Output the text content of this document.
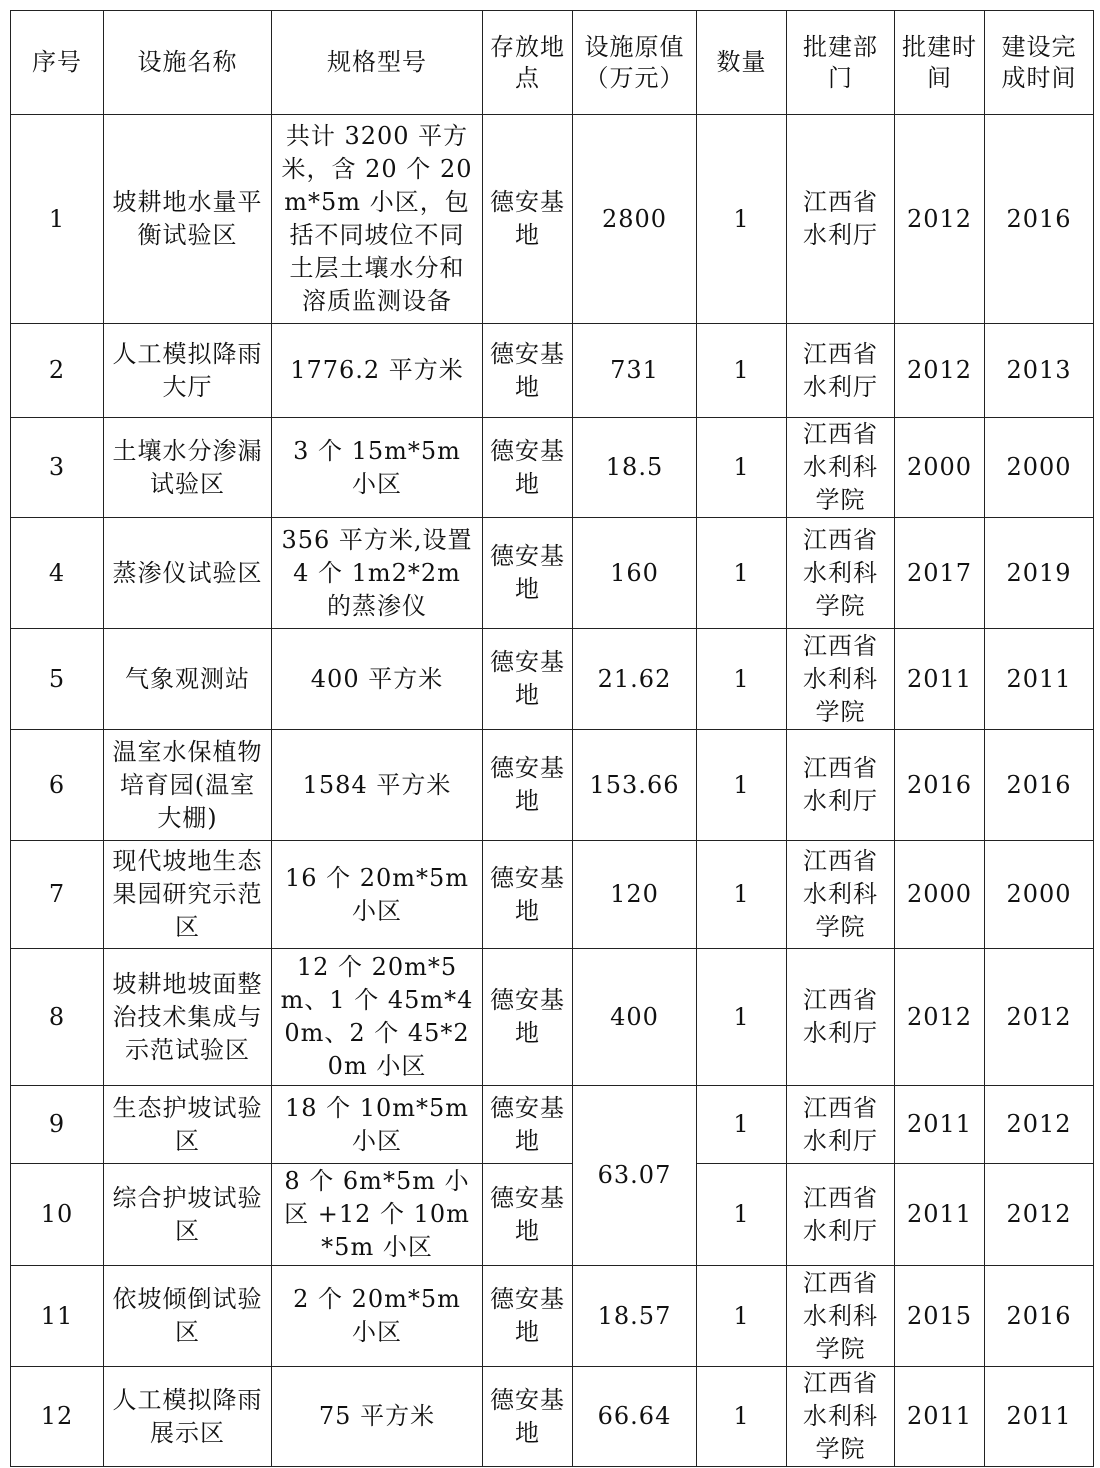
序号	设施名称	规格型号	存放地点	设施原值（万元）	数量	批建部门	批建时间	建设完成时间
1	坡耕地水量平衡试验区	共计 3200 平方米，含 20 个 20m*5m 小区，包括不同坡位不同土层土壤水分和溶质监测设备	德安基地	2800	1	江西省水利厅	2012	2016
2	人工模拟降雨大厅	1776.2 平方米	德安基地	731	1	江西省水利厅	2012	2013
3	土壤水分渗漏试验区	3 个 15m*5m 小区	德安基地	18.5	1	江西省水利科学院	2000	2000
4	蒸渗仪试验区	356 平方米,设置 4 个 1m2*2m 的蒸渗仪	德安基地	160	1	江西省水利科学院	2017	2019
5	气象观测站	400 平方米	德安基地	21.62	1	江西省水利科学院	2011	2011
6	温室水保植物培育园(温室大棚)	1584 平方米	德安基地	153.66	1	江西省水利厅	2016	2016
7	现代坡地生态果园研究示范区	16 个 20m*5m 小区	德安基地	120	1	江西省水利科学院	2000	2000
8	坡耕地坡面整治技术集成与示范试验区	12 个 20m*5m、1 个 45m*40m、2 个 45*20m 小区	德安基地	400	1	江西省水利厅	2012	2012
9	生态护坡试验区	18 个 10m*5m 小区	德安基地	63.07	1	江西省水利厅	2011	2012
10	综合护坡试验区	8 个 6m*5m 小区 +12 个 10m*5m 小区	德安基地		1	江西省水利厅	2011	2012
11	依坡倾倒试验区	2 个 20m*5m 小区	德安基地	18.57	1	江西省水利科学院	2015	2016
12	人工模拟降雨展示区	75 平方米	德安基地	66.64	1	江西省水利科学院	2011	2011
